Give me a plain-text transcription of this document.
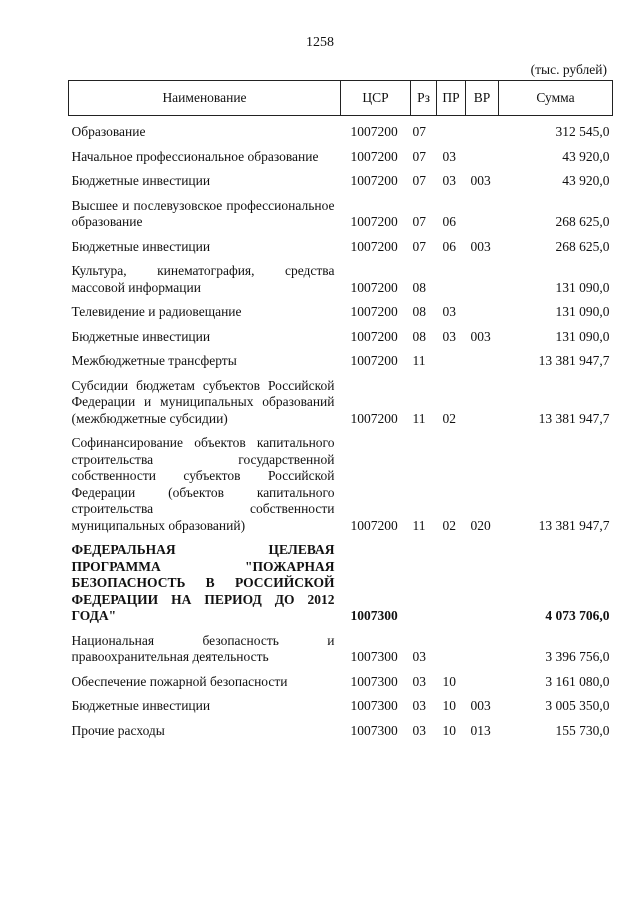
1258
(тыс. рублей)
Наименование	ЦСР	Рз	ПР	ВР	Сумма
Образование	1007200	07			312 545,0
Начальное профессиональное образование	1007200	07	03		43 920,0
Бюджетные инвестиции	1007200	07	03	003	43 920,0
Высшее и послевузовское профессиональное образование	1007200	07	06		268 625,0
Бюджетные инвестиции	1007200	07	06	003	268 625,0
Культура, кинематография, средства массовой информации	1007200	08			131 090,0
Телевидение и радиовещание	1007200	08	03		131 090,0
Бюджетные инвестиции	1007200	08	03	003	131 090,0
Межбюджетные трансферты	1007200	11			13 381 947,7
Субсидии бюджетам субъектов Российской Федерации и муниципальных образований (межбюджетные субсидии)	1007200	11	02		13 381 947,7
Софинансирование объектов капитального строительства государственной собственности субъектов Российской Федерации (объектов капитального строительства собственности муниципальных образований)	1007200	11	02	020	13 381 947,7
ФЕДЕРАЛЬНАЯ ЦЕЛЕВАЯ ПРОГРАММА "ПОЖАРНАЯ БЕЗОПАСНОСТЬ В РОССИЙСКОЙ ФЕДЕРАЦИИ НА ПЕРИОД ДО 2012 ГОДА"	1007300				4 073 706,0
Национальная безопасность и правоохранительная деятельность	1007300	03			3 396 756,0
Обеспечение пожарной безопасности	1007300	03	10		3 161 080,0
Бюджетные инвестиции	1007300	03	10	003	3 005 350,0
Прочие расходы	1007300	03	10	013	155 730,0
